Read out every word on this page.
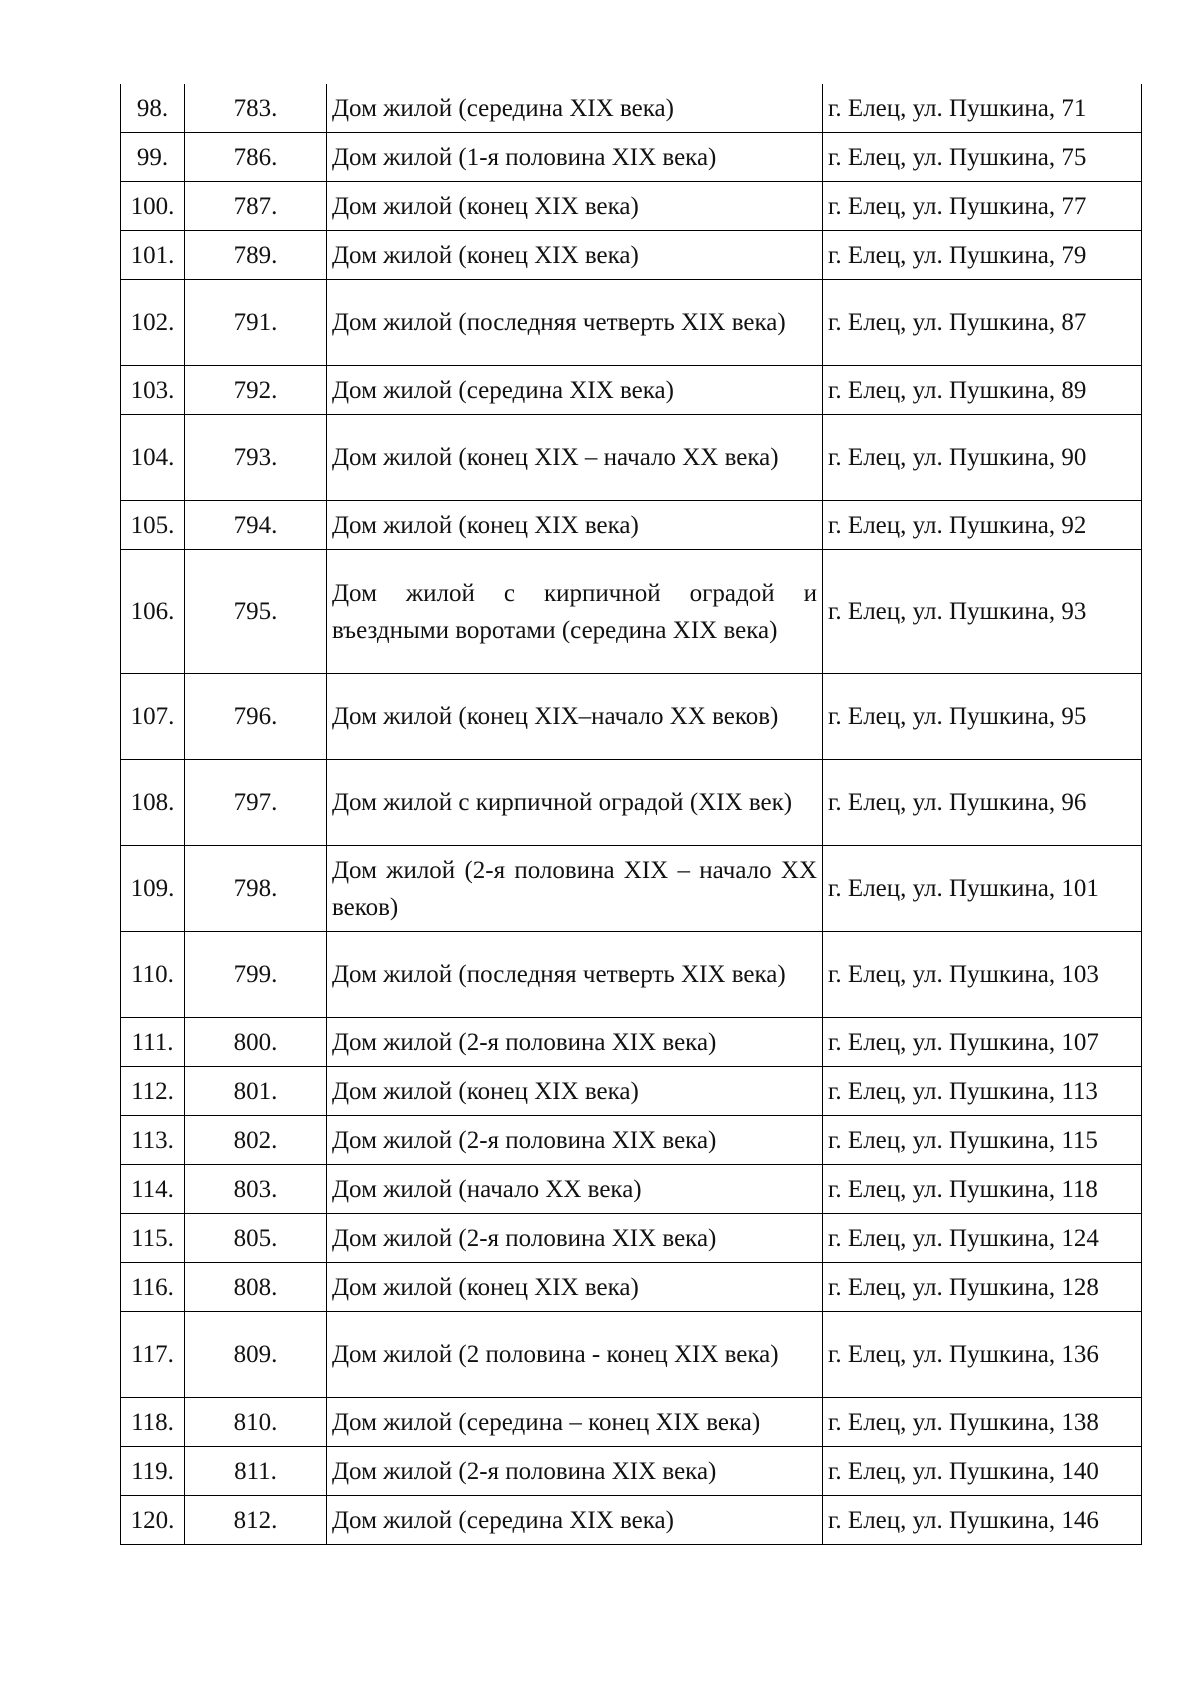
98.	783.	Дом жилой (середина XIX века)	г. Елец, ул. Пушкина, 71
99.	786.	Дом жилой (1-я половина XIX века)	г. Елец, ул. Пушкина, 75
100.	787.	Дом жилой (конец XIX века)	г. Елец, ул. Пушкина, 77
101.	789.	Дом жилой (конец XIX века)	г. Елец, ул. Пушкина, 79
102.	791.	Дом жилой (последняя четверть XIX века)	г. Елец, ул. Пушкина, 87
103.	792.	Дом жилой (середина XIX века)	г. Елец, ул. Пушкина, 89
104.	793.	Дом жилой (конец XIX – начало XX века)	г. Елец, ул. Пушкина, 90
105.	794.	Дом жилой (конец XIX века)	г. Елец, ул. Пушкина, 92
106.	795.	Дом жилой с кирпичной оградой и въездными воротами (середина XIX века)	г. Елец, ул. Пушкина, 93
107.	796.	Дом жилой (конец XIX–начало XX веков)	г. Елец, ул. Пушкина, 95
108.	797.	Дом жилой с кирпичной оградой (XIX век)	г. Елец, ул. Пушкина, 96
109.	798.	Дом жилой (2-я половина XIX – начало XX веков)	г. Елец, ул. Пушкина, 101
110.	799.	Дом жилой (последняя четверть XIX века)	г. Елец, ул. Пушкина, 103
111.	800.	Дом жилой (2-я половина XIX века)	г. Елец, ул. Пушкина, 107
112.	801.	Дом жилой (конец XIX века)	г. Елец, ул. Пушкина, 113
113.	802.	Дом жилой (2-я половина XIX века)	г. Елец, ул. Пушкина, 115
114.	803.	Дом жилой (начало XX века)	г. Елец, ул. Пушкина, 118
115.	805.	Дом жилой (2-я половина XIX века)	г. Елец, ул. Пушкина, 124
116.	808.	Дом жилой (конец XIX века)	г. Елец, ул. Пушкина, 128
117.	809.	Дом жилой (2 половина - конец XIX века)	г. Елец, ул. Пушкина, 136
118.	810.	Дом жилой (середина – конец XIX века)	г. Елец, ул. Пушкина, 138
119.	811.	Дом жилой (2-я половина XIX века)	г. Елец, ул. Пушкина, 140
120.	812.	Дом жилой (середина XIX века)	г. Елец, ул. Пушкина, 146
